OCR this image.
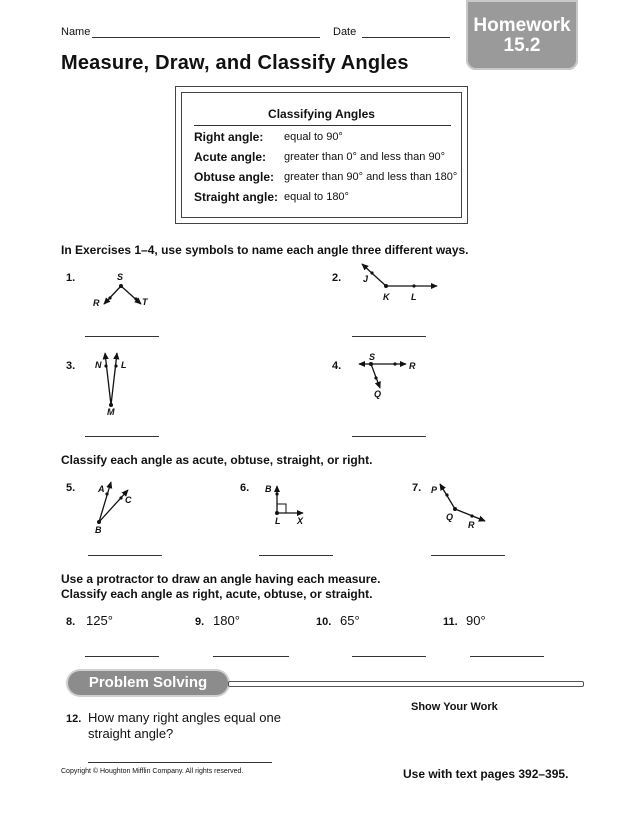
Name	Date	Homework
15.2
Measure, Draw, and Classify Angles
Classifying Angles
Right angle:	equal to 90°
Acute angle:	greater than 0° and less than 90°
Obtuse angle: greater than 90° and less than 180°
Straight angle: equal to 180°
In Exercises 1–4, use symbols to name each angle three different ways.
1.	S
R	T
2. J
K L
3. N L
M
4.
S
R
Q
Classify each angle as acute, obtuse, straight, or right.
5.	A
C
B
6. B
L X
7. P
Q
R
Use a protractor to draw an angle having each measure.
Classify each angle as right, acute, obtuse, or straight.
8. 125°	9. 180°	10. 65°	11. 90°
Problem Solving
Show Your Work
12. How many right angles equal one
straight angle?
Copyright © Houghton Mifflin Company. All rights reserved.	Use with text pages 392–395.
